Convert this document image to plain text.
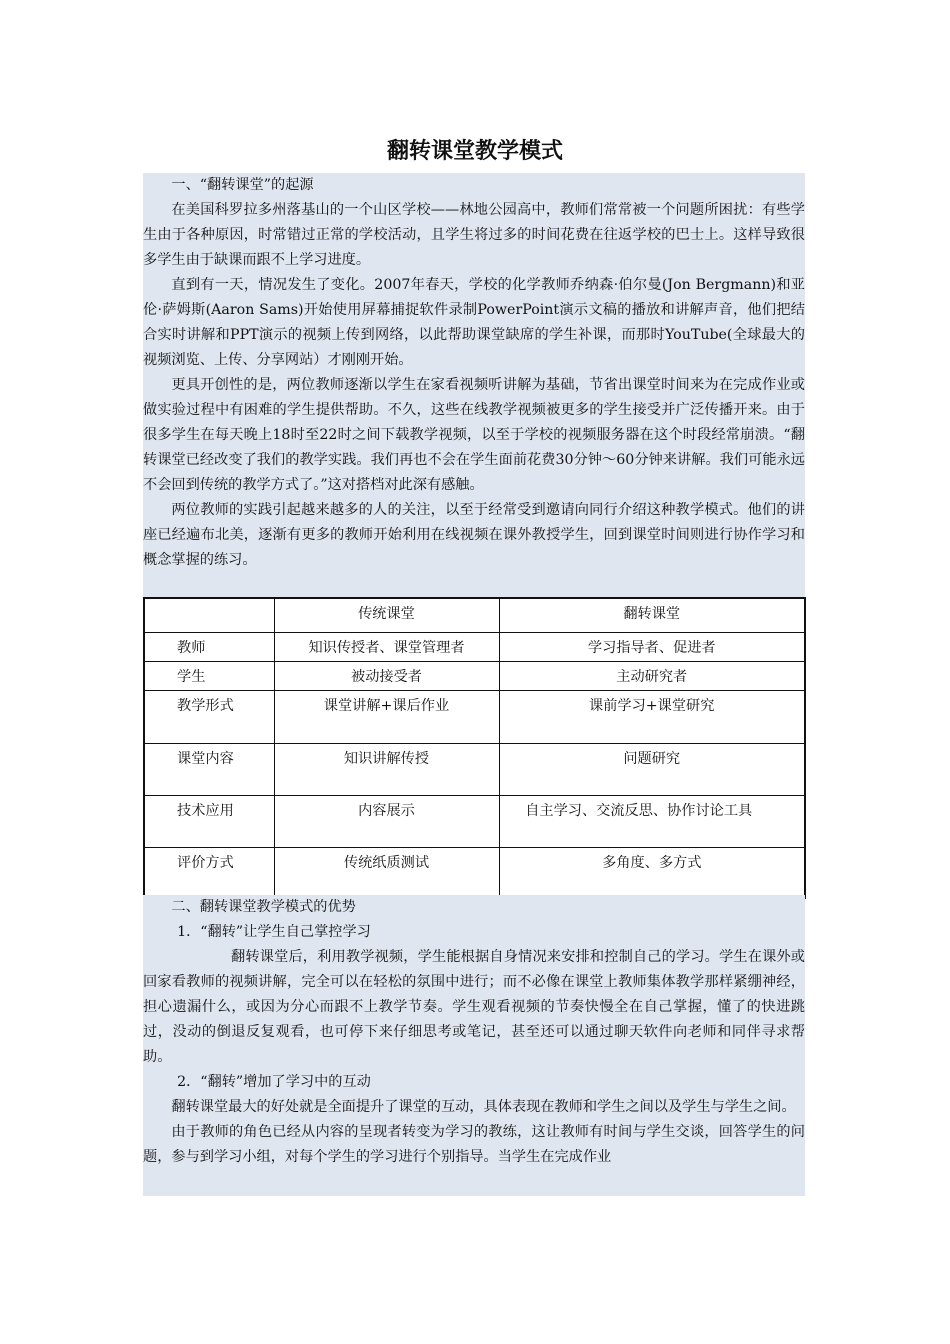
翻转课堂教学模式

一、“翻转课堂”的起源

在美国科罗拉多州落基山的一个山区学校——林地公园高中，教师们常常被一个问题所困扰：有些学生由于各种原因，时常错过正常的学校活动，且学生将过多的时间花费在往返学校的巴士上。这样导致很多学生由于缺课而跟不上学习进度。

直到有一天，情况发生了变化。2007年春天，学校的化学教师乔纳森·伯尔曼(Jon Bergmann)和亚伦·萨姆斯(Aaron Sams)开始使用屏幕捕捉软件录制PowerPoint演示文稿的播放和讲解声音，他们把结合实时讲解和PPT演示的视频上传到网络，以此帮助课堂缺席的学生补课，而那时YouTube(全球最大的视频浏览、上传、分享网站）才刚刚开始。

更具开创性的是，两位教师逐渐以学生在家看视频听讲解为基础，节省出课堂时间来为在完成作业或做实验过程中有困难的学生提供帮助。不久，这些在线教学视频被更多的学生接受并广泛传播开来。由于很多学生在每天晚上18时至22时之间下载教学视频，以至于学校的视频服务器在这个时段经常崩溃。“翻转课堂已经改变了我们的教学实践。我们再也不会在学生面前花费30分钟～60分钟来讲解。我们可能永远不会回到传统的教学方式了。”这对搭档对此深有感触。

两位教师的实践引起越来越多的人的关注，以至于经常受到邀请向同行介绍这种教学模式。他们的讲座已经遍布北美，逐渐有更多的教师开始利用在线视频在课外教授学生，回到课堂时间则进行协作学习和概念掌握的练习。

	传统课堂	翻转课堂
教师	知识传授者、课堂管理者	学习指导者、促进者
学生	被动接受者	主动研究者
教学形式	课堂讲解+课后作业	课前学习+课堂研究
课堂内容	知识讲解传授	问题研究
技术应用	内容展示	自主学习、交流反思、协作讨论工具
评价方式	传统纸质测试	多角度、多方式

二、翻转课堂教学模式的优势

1．“翻转”让学生自己掌控学习

翻转课堂后，利用教学视频，学生能根据自身情况来安排和控制自己的学习。学生在课外或回家看教师的视频讲解，完全可以在轻松的氛围中进行；而不必像在课堂上教师集体教学那样紧绷神经，担心遗漏什么，或因为分心而跟不上教学节奏。学生观看视频的节奏快慢全在自己掌握，懂了的快进跳过，没动的倒退反复观看，也可停下来仔细思考或笔记，甚至还可以通过聊天软件向老师和同伴寻求帮助。

2．“翻转”增加了学习中的互动

翻转课堂最大的好处就是全面提升了课堂的互动，具体表现在教师和学生之间以及学生与学生之间。

由于教师的角色已经从内容的呈现者转变为学习的教练，这让教师有时间与学生交谈，回答学生的问题，参与到学习小组，对每个学生的学习进行个别指导。当学生在完成作业
